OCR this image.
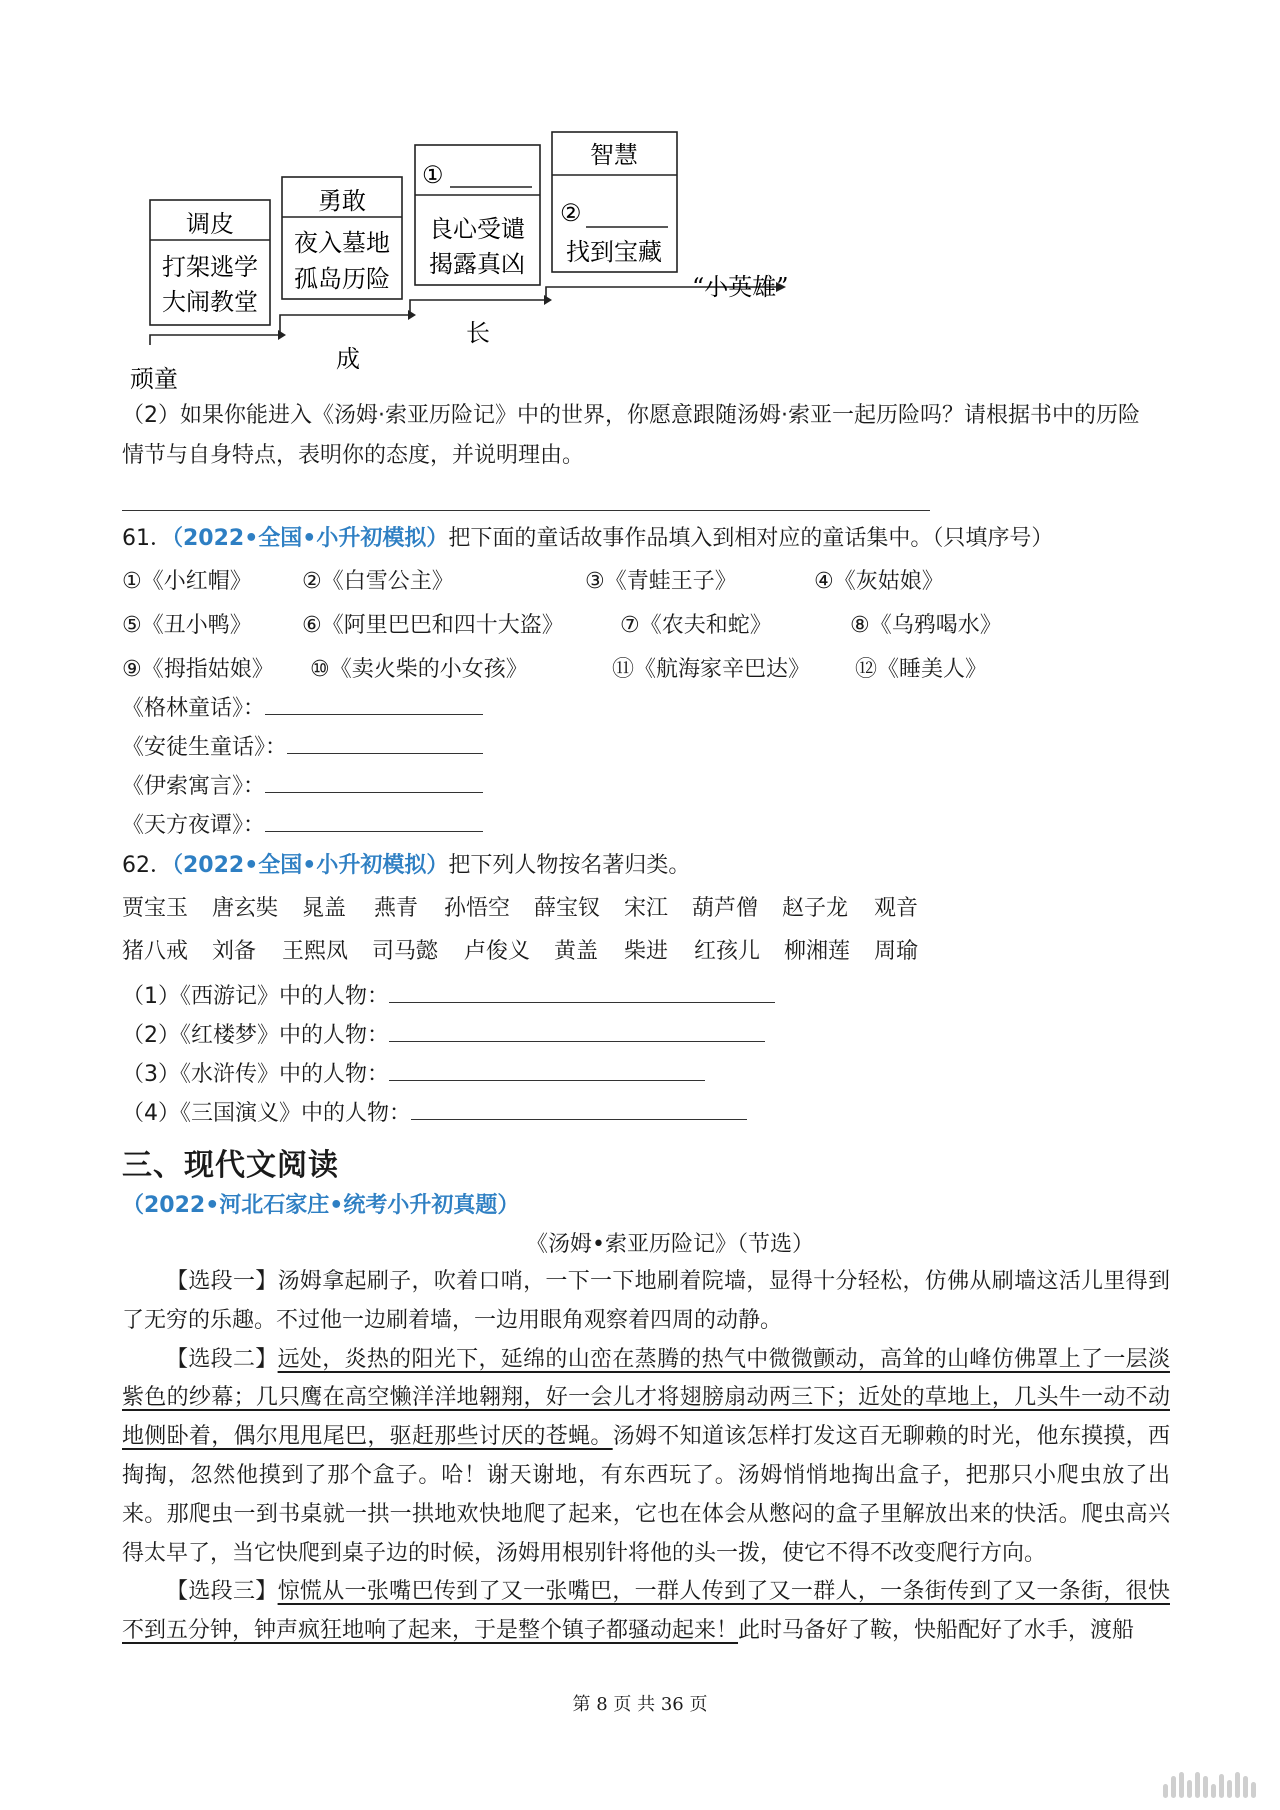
调皮
打架逃学
大闹教堂
勇敢
夜入墓地
孤岛历险
①
良心受谴
揭露真凶
智慧
②
找到宝藏
“小英雄”
成
长
顽童
（2）如果你能进入《汤姆·索亚历险记》中的世界，你愿意跟随汤姆·索亚一起历险吗？请根据书中的历险
情节与自身特点，表明你的态度，并说明理由。
61．（2022•全国•小升初模拟）把下面的童话故事作品填入到相对应的童话集中。（只填序号）
①《小红帽》 ②《白雪公主》	③《青蛙王子》	④《灰姑娘》
⑤《丑小鸭》 ⑥《阿里巴巴和四十大盗》	⑦《农夫和蛇》	⑧《乌鸦喝水》
⑨《拇指姑娘》 ⑩《卖火柴的小女孩》	⑪《航海家辛巴达》 ⑫《睡美人》
《格林童话》：
《安徒生童话》：
《伊索寓言》：
《天方夜谭》：
62．（2022•全国•小升初模拟）把下列人物按名著归类。
贾宝玉 唐玄奘 晁盖 燕青 孙悟空 薛宝钗 宋江 葫芦僧 赵子龙 观音
猪八戒 刘备 王熙凤 司马懿 卢俊义 黄盖 柴进 红孩儿 柳湘莲 周瑜
（1）《西游记》中的人物：
（2）《红楼梦》中的人物：
（3）《水浒传》中的人物：
（4）《三国演义》中的人物：
三、现代文阅读
（2022•河北石家庄•统考小升初真题）
《汤姆•索亚历险记》（节选）

【选段一】汤姆拿起刷子，吹着口哨，一下一下地刷着院墙，显得十分轻松，仿佛从刷墙这活儿里得到了无穷的乐趣。不过他一边刷着墙，一边用眼角观察着四周的动静。

【选段二】远处，炎热的阳光下，延绵的山峦在蒸腾的热气中微微颤动，高耸的山峰仿佛罩上了一层淡紫色的纱幕；几只鹰在高空懒洋洋地翱翔，好一会儿才将翅膀扇动两三下；近处的草地上，几头牛一动不动地侧卧着，偶尔甩甩尾巴，驱赶那些讨厌的苍蝇。汤姆不知道该怎样打发这百无聊赖的时光，他东摸摸，西掏掏，忽然他摸到了那个盒子。哈！谢天谢地，有东西玩了。汤姆悄悄地掏出盒子，把那只小爬虫放了出来。那爬虫一到书桌就一拱一拱地欢快地爬了起来，它也在体会从憋闷的盒子里解放出来的快活。爬虫高兴得太早了，当它快爬到桌子边的时候，汤姆用根别针将他的头一拨，使它不得不改变爬行方向。

【选段三】惊慌从一张嘴巴传到了又一张嘴巴，一群人传到了又一群人，一条街传到了又一条街，很快不到五分钟，钟声疯狂地响了起来，于是整个镇子都骚动起来！此时马备好了鞍，快船配好了水手，渡船

第 8 页 共 36 页
